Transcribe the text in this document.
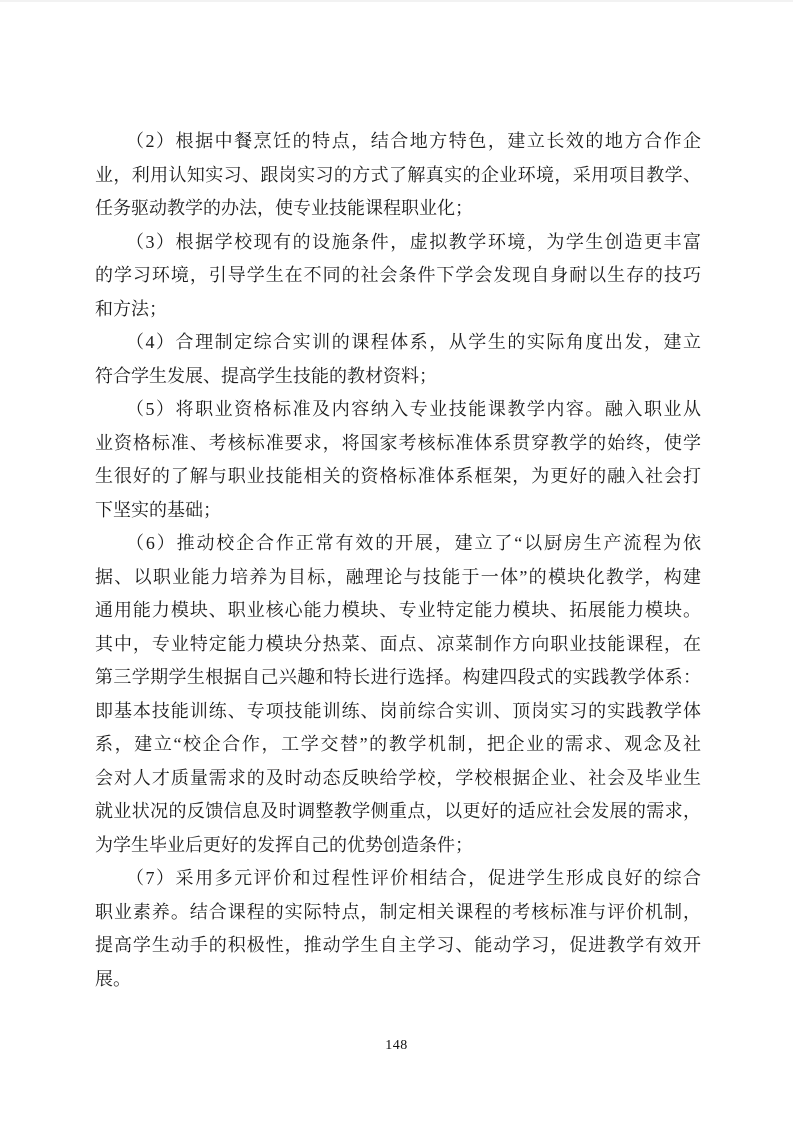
（2）根据中餐烹饪的特点，结合地方特色，建立长效的地方合作企
业，利用认知实习、跟岗实习的方式了解真实的企业环境，采用项目教学、
任务驱动教学的办法，使专业技能课程职业化；
（3）根据学校现有的设施条件，虚拟教学环境，为学生创造更丰富
的学习环境，引导学生在不同的社会条件下学会发现自身耐以生存的技巧
和方法；
（4）合理制定综合实训的课程体系，从学生的实际角度出发，建立
符合学生发展、提高学生技能的教材资料；
（5）将职业资格标准及内容纳入专业技能课教学内容。融入职业从
业资格标准、考核标准要求，将国家考核标准体系贯穿教学的始终，使学
生很好的了解与职业技能相关的资格标准体系框架，为更好的融入社会打
下坚实的基础；
（6）推动校企合作正常有效的开展，建立了“以厨房生产流程为依
据、以职业能力培养为目标，融理论与技能于一体”的模块化教学，构建
通用能力模块、职业核心能力模块、专业特定能力模块、拓展能力模块。
其中，专业特定能力模块分热菜、面点、凉菜制作方向职业技能课程，在
第三学期学生根据自己兴趣和特长进行选择。构建四段式的实践教学体系：
即基本技能训练、专项技能训练、岗前综合实训、顶岗实习的实践教学体
系，建立“校企合作，工学交替”的教学机制，把企业的需求、观念及社
会对人才质量需求的及时动态反映给学校，学校根据企业、社会及毕业生
就业状况的反馈信息及时调整教学侧重点，以更好的适应社会发展的需求，
为学生毕业后更好的发挥自己的优势创造条件；
（7）采用多元评价和过程性评价相结合，促进学生形成良好的综合
职业素养。结合课程的实际特点，制定相关课程的考核标准与评价机制，
提高学生动手的积极性，推动学生自主学习、能动学习，促进教学有效开
展。
148
